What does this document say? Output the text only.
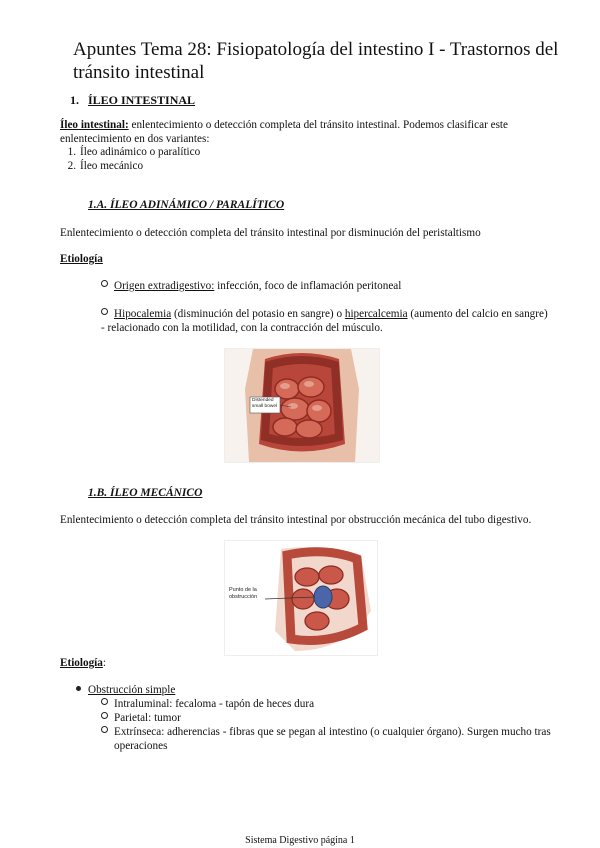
Apuntes Tema 28: Fisiopatología del intestino I - Trastornos del tránsito intestinal
1. ÍLEO INTESTINAL
Íleo intestinal: enlentecimiento o detección completa del tránsito intestinal. Podemos clasificar este enlentecimiento en dos variantes:
1. Íleo adinámico o paralítico
2. Íleo mecánico
1.A. ÍLEO ADINÁMICO / PARALÍTICO
Enlentecimiento o detección completa del tránsito intestinal por disminución del peristaltismo
Etiología
Origen extradigestivo: infección, foco de inflamación peritoneal
Hipocalemia (disminución del potasio en sangre) o hipercalcemia (aumento del calcio en sangre) - relacionado con la motilidad, con la contracción del músculo.
Distended small bowel
1.B. ÍLEO MECÁNICO
Enlentecimiento o detección completa del tránsito intestinal por obstrucción mecánica del tubo digestivo.
Punto de la obstrucción
Etiología:
Obstrucción simple
Intraluminal: fecaloma - tapón de heces dura
Parietal: tumor
Extrínseca: adherencias - fibras que se pegan al intestino (o cualquier órgano). Surgen mucho tras operaciones
Sistema Digestivo página 1
